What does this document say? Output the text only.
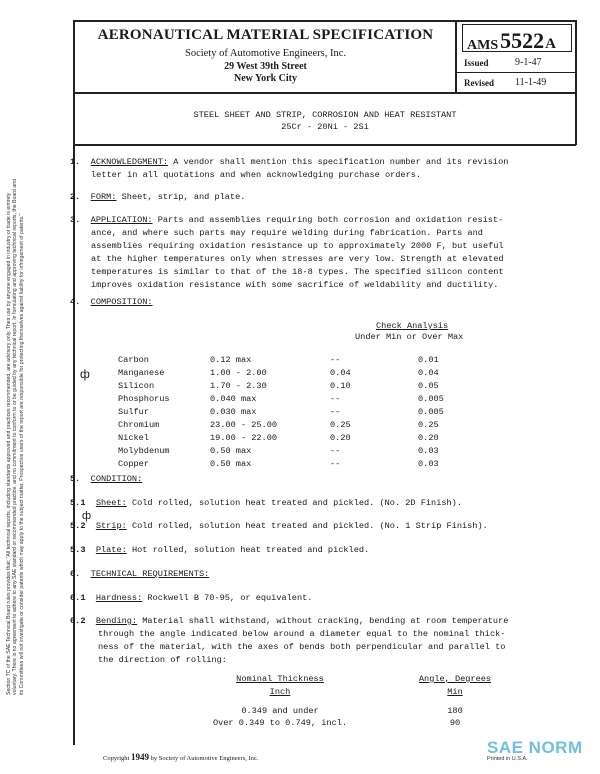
Section 7C of the SAE Technical Board rules provides that: "All technical reports, including standards approved and practices recommended, are advisory only. Their use by anyone engaged in industry or trade is entirely voluntary. There is no agreement to adhere to any SAE standard or recommended practice, and no commitment to conform to or be guided by any technical report. In formulating and approving technical reports, the Board and its Committees will not investigate or consider patents which may apply to the subject matter. Prospective users of the report are responsible for protecting themselves against liability for infringement of patents."
AERONAUTICAL MATERIAL SPECIFICATION
Society of Automotive Engineers, Inc.
29 West 39th Street
New York City
AMS5522A
Issued	9-1-47
Revised 11-1-49
STEEL SHEET AND STRIP, CORROSION AND HEAT RESISTANT
25Cr - 20Ni - 2Si
1. ACKNOWLEDGMENT: A vendor shall mention this specification number and its revision
letter in all quotations and when acknowledging purchase orders.
2. FORM: Sheet, strip, and plate.
3. APPLICATION: Parts and assemblies requiring both corrosion and oxidation resist-
ance, and where such parts may require welding during fabrication. Parts and
assemblies requiring oxidation resistance up to approximately 2000 F, but useful
at the higher temperatures only when stresses are very low. Strength at elevated
temperatures is similar to that of the 18-8 types. The specified silicon content
improves oxidation resistance with some sacrifice of weldability and ductility.
4. COMPOSITION:
Check Analysis
Under Min or Over Max
ф
Carbon	0.12 max	--	0.01
Manganese	1.00 - 2.00	0.04	0.04
Silicon	1.70 - 2.30	0.10	0.05
Phosphorus	0.040 max	--	0.005
Sulfur	0.030 max	--	0.005
Chromium	23.00 - 25.00	0.25	0.25
Nickel	19.00 - 22.00	0.20	0.20
Molybdenum	0.50 max	--	0.03
Copper	0.50 max	--	0.03
5. CONDITION:
5.1 Sheet: Cold rolled, solution heat treated and pickled. (No. 2D Finish).
ф
5.2 Strip: Cold rolled, solution heat treated and pickled. (No. 1 Strip Finish).
5.3 Plate: Hot rolled, solution heat treated and pickled.
6. TECHNICAL REQUIREMENTS:
6.1 Hardness: Rockwell B 70-95, or equivalent.
6.2 Bending: Material shall withstand, without cracking, bending at room temperature
through the angle indicated below around a diameter equal to the nominal thick-
ness of the material, with the axes of bends both perpendicular and parallel to
the direction of rolling:
Nominal Thickness
Inch
Angle, Degrees
Min
0.349 and under	180
Over 0.349 to 0.749, incl.	90
Copyright 1949 by Society of Automotive Engineers, Inc.	Printed in U.S.A.
SAE NORM
